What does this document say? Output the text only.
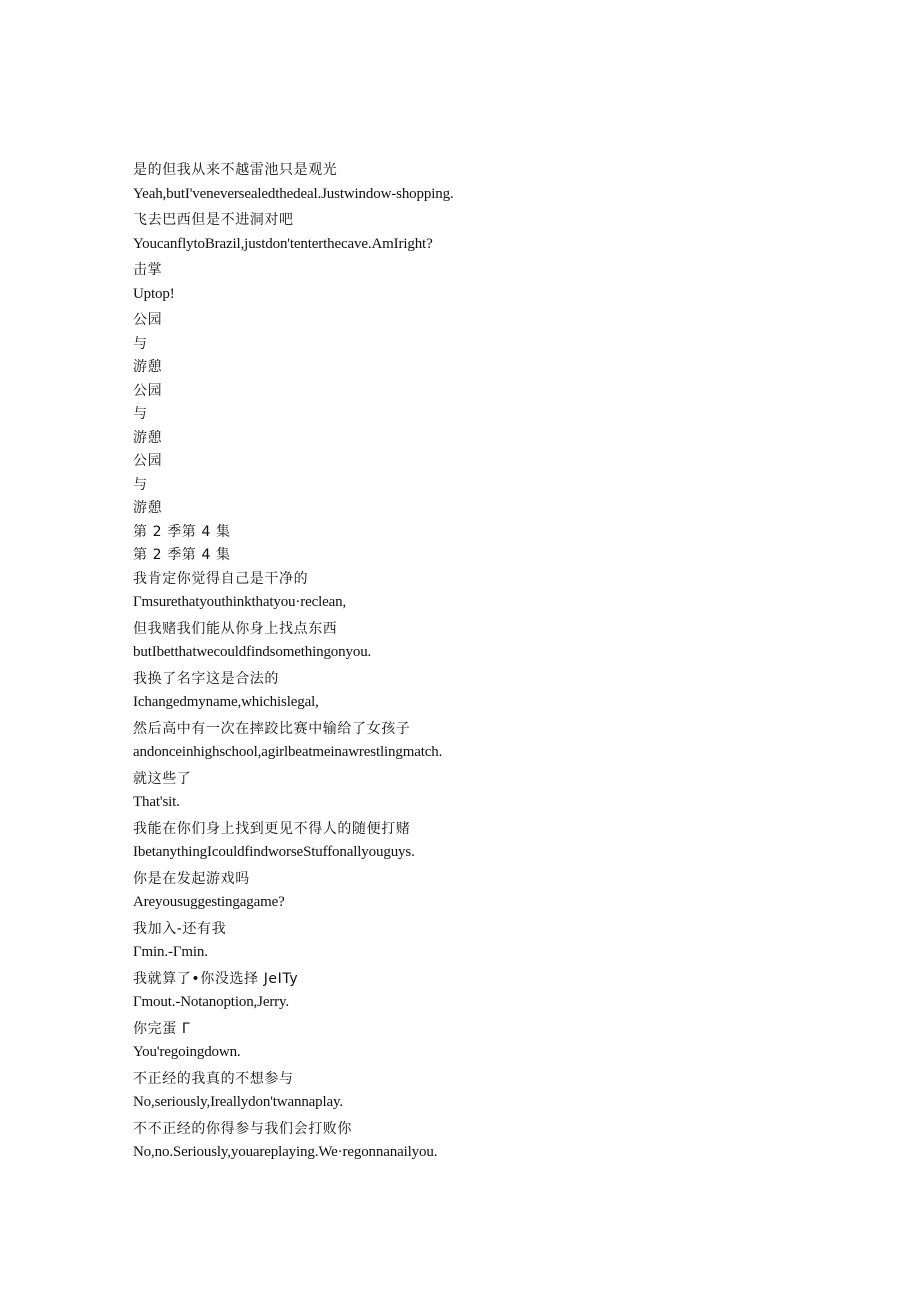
是的但我从来不越雷池只是观光
Yeah,butI'veneversealedthedeal.Justwindow-shopping.
飞去巴西但是不进洞对吧
YoucanflytoBrazil,justdon'tenterthecave.AmIright?
击掌
Uptop!
公园
与
游憩
公园
与
游憩
公园
与
游憩
第 2 季第 4 集
第 2 季第 4 集
我肯定你觉得自己是干净的
Γmsurethatyouthinkthatyou·reclean,
但我赌我们能从你身上找点东西
butIbetthatwecouldfindsomethingonyou.
我换了名字这是合法的
Ichangedmyname,whichislegal,
然后高中有一次在摔跤比赛中输给了女孩子
andonceinhighschool,agirlbeatmeinawrestlingmatch.
就这些了
That'sit.
我能在你们身上找到更见不得人的随便打赌
IbetanythingIcouldfindworseStuffonallyouguys.
你是在发起游戏吗
Areyousuggestingagame?
我加入-还有我
Γmin.-Γmin.
我就算了•你没选择 JeITy
Γmout.-Notanoption,Jerry.
你完蛋 Γ
You'regoingdown.
不正经的我真的不想参与
No,seriously,Ireallydon'twannaplay.
不不正经的你得参与我们会打败你
No,no.Seriously,youareplaying.We·regonnanailyou.
